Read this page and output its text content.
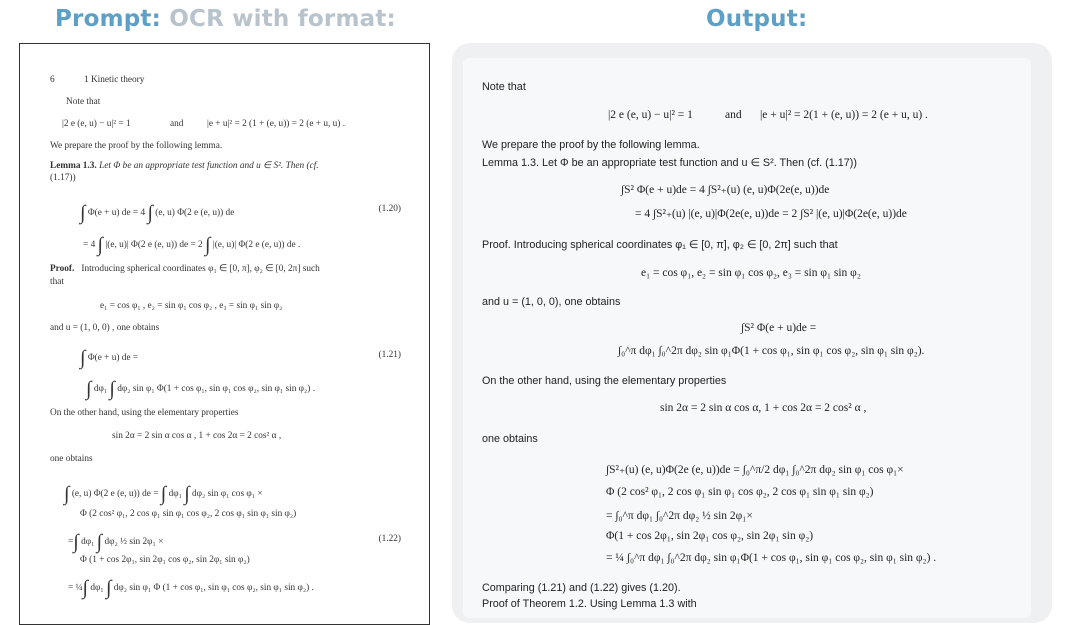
Prompt: OCR with format:	Output:
6	1 Kinetic theory
Note that
|2 e (e, u) − u|² = 1	and	|e + u|² = 2 (1 + (e, u)) = 2 (e + u, u) .
We prepare the proof by the following lemma.
Lemma 1.3. Let Φ be an appropriate test function and u ∈ S². Then (cf.
(1.17))
∫ Φ(e + u) de = 4 ∫ (e, u) Φ(2 e (e, u)) de	(1.20)
= 4 ∫ |(e, u)| Φ(2 e (e, u)) de = 2 ∫ |(e, u)| Φ(2 e (e, u)) de .
Proof. Introducing spherical coordinates φ₁ ∈ [0, π], φ₂ ∈ [0, 2π] such
that
e₁ = cos φ₁ , e₂ = sin φ₁ cos φ₂ , e₃ = sin φ₁ sin φ₂
and u = (1, 0, 0) , one obtains
∫ Φ(e + u) de =	(1.21)
∫ dφ₁ ∫ dφ₂ sin φ₁ Φ(1 + cos φ₁, sin φ₁ cos φ₂, sin φ₁ sin φ₂) .
On the other hand, using the elementary properties
sin 2α = 2 sin α cos α , 1 + cos 2α = 2 cos² α ,
one obtains
∫ (e, u) Φ(2 e (e, u)) de = ∫ dφ₁ ∫ dφ₂ sin φ₁ cos φ₁ ×
Φ (2 cos² φ₁, 2 cos φ₁ sin φ₁ cos φ₂, 2 cos φ₁ sin φ₁ sin φ₂)
=∫ dφ₁ ∫ dφ₂ ½ sin 2φ₁ ×	(1.22)
Φ (1 + cos 2φ₁, sin 2φ₁ cos φ₂, sin 2φ₁ sin φ₂)
= ¼∫ dφ₁ ∫ dφ₂ sin φ₁ Φ (1 + cos φ₁, sin φ₁ cos φ₂, sin φ₁ sin φ₂) .
Note that
|2 e (e, u) − u|² = 1	and |e + u|² = 2(1 + (e, u)) = 2 (e + u, u) .
We prepare the proof by the following lemma.
Lemma 1.3. Let Φ be an appropriate test function and u ∈ S². Then (cf. (1.17))
∫S² Φ(e + u)de = 4 ∫S²₊(u) (e, u)Φ(2e(e, u))de
= 4 ∫S²₊(u) |(e, u)|Φ(2e(e, u))de = 2 ∫S² |(e, u)|Φ(2e(e, u))de
Proof. Introducing spherical coordinates φ₁ ∈ [0, π], φ₂ ∈ [0, 2π] such that
e₁ = cos φ₁, e₂ = sin φ₁ cos φ₂, e₃ = sin φ₁ sin φ₂
and u = (1, 0, 0), one obtains
∫S² Φ(e + u)de =
∫₀^π dφ₁ ∫₀^2π dφ₂ sin φ₁Φ(1 + cos φ₁, sin φ₁ cos φ₂, sin φ₁ sin φ₂).
On the other hand, using the elementary properties
sin 2α = 2 sin α cos α, 1 + cos 2α = 2 cos² α ,
one obtains
∫S²₊(u) (e, u)Φ(2e (e, u))de = ∫₀^π/2 dφ₁ ∫₀^2π dφ₂ sin φ₁ cos φ₁×
Φ (2 cos² φ₁, 2 cos φ₁ sin φ₁ cos φ₂, 2 cos φ₁ sin φ₁ sin φ₂)
= ∫₀^π dφ₁ ∫₀^2π dφ₂ ½ sin 2φ₁×
Φ(1 + cos 2φ₁, sin 2φ₁ cos φ₂, sin 2φ₁ sin φ₂)
= ¼ ∫₀^π dφ₁ ∫₀^2π dφ₂ sin φ₁Φ(1 + cos φ₁, sin φ₁ cos φ₂, sin φ₁ sin φ₂) .
Comparing (1.21) and (1.22) gives (1.20).
Proof of Theorem 1.2. Using Lemma 1.3 with
